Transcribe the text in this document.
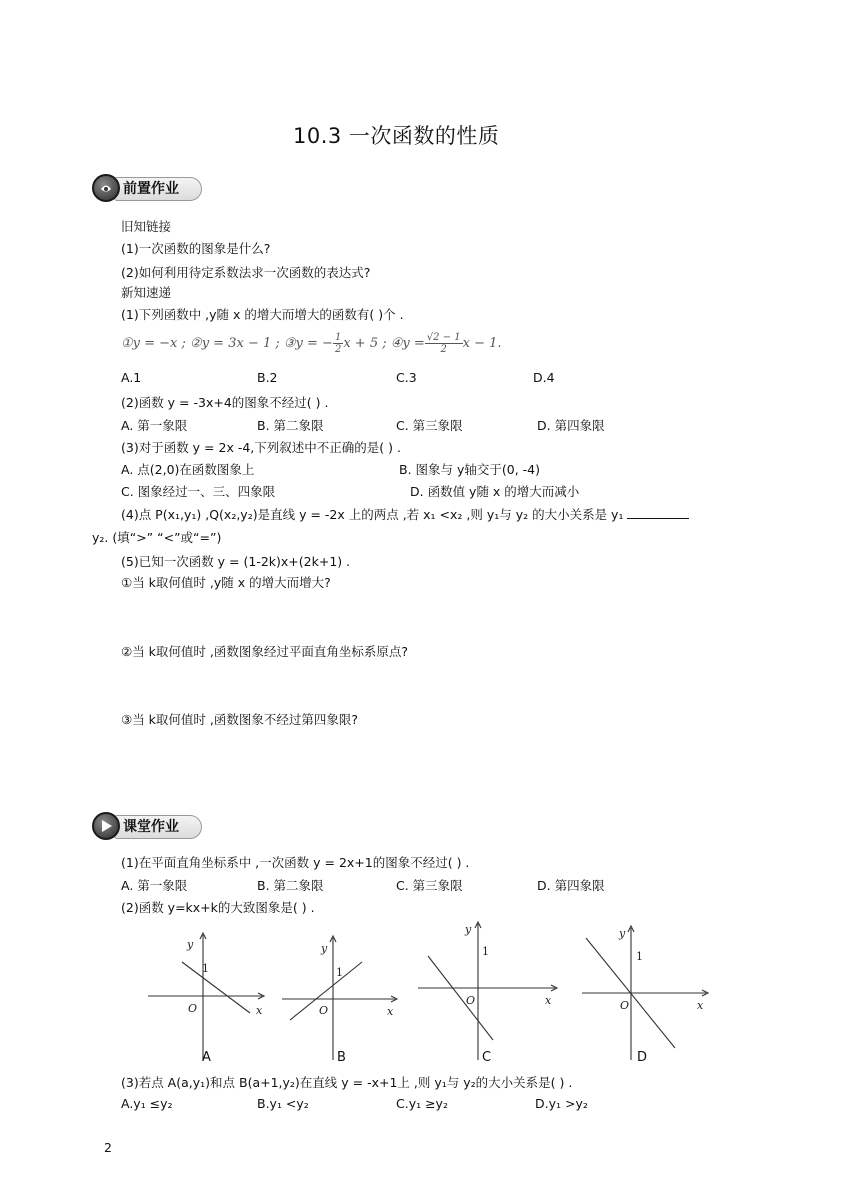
10.3 一次函数的性质
前置作业
旧知链接
(1)一次函数的图象是什么?
(2)如何利用待定系数法求一次函数的表达式?
新知速递
(1)下列函数中 ,y随 x 的增大而增大的函数有( )个 .
①y = −x ; ②y = 3x − 1 ; ③y = − $\frac{1}{2}$ x + 5 ; ④y = $\frac{√2 - 1}{2}$ x − 1.
A.1	B.2	C.3	D.4
(2)函数 y = -3x+4的图象不经过( ) .
A. 第一象限	B. 第二象限	C. 第三象限	D. 第四象限
(3)对于函数 y = 2x -4,下列叙述中不正确的是( ) .
A. 点(2,0)在函数图象上	B. 图象与 y轴交于(0, -4)
C. 图象经过一、三、四象限	D. 函数值 y随 x 的增大而减小
(4)点 P(x₁,y₁) ,Q(x₂,y₂)是直线 y = -2x 上的两点 ,若 x₁ <x₂ ,则 y₁与 y₂ 的大小关系是 y₁
y₂. (填“>” “<”或“=”)
(5)已知一次函数 y = (1-2k)x+(2k+1) .
①当 k取何值时 ,y随 x 的增大而增大?
②当 k取何值时 ,函数图象经过平面直角坐标系原点?
③当 k取何值时 ,函数图象不经过第四象限?
课堂作业
(1)在平面直角坐标系中 ,一次函数 y = 2x+1的图象不经过( ) .
A. 第一象限	B. 第二象限	C. 第三象限	D. 第四象限
(2)函数 y=kx+k的大致图象是( ) .
y
x
O
1
y
x
O
1
y
x
O
1
y
x
O
1
A	B	C	D
(3)若点 A(a,y₁)和点 B(a+1,y₂)在直线 y = -x+1上 ,则 y₁与 y₂的大小关系是( ) .
A.y₁ ≤y₂	B.y₁ <y₂	C.y₁ ≥y₂	D.y₁ >y₂
2
